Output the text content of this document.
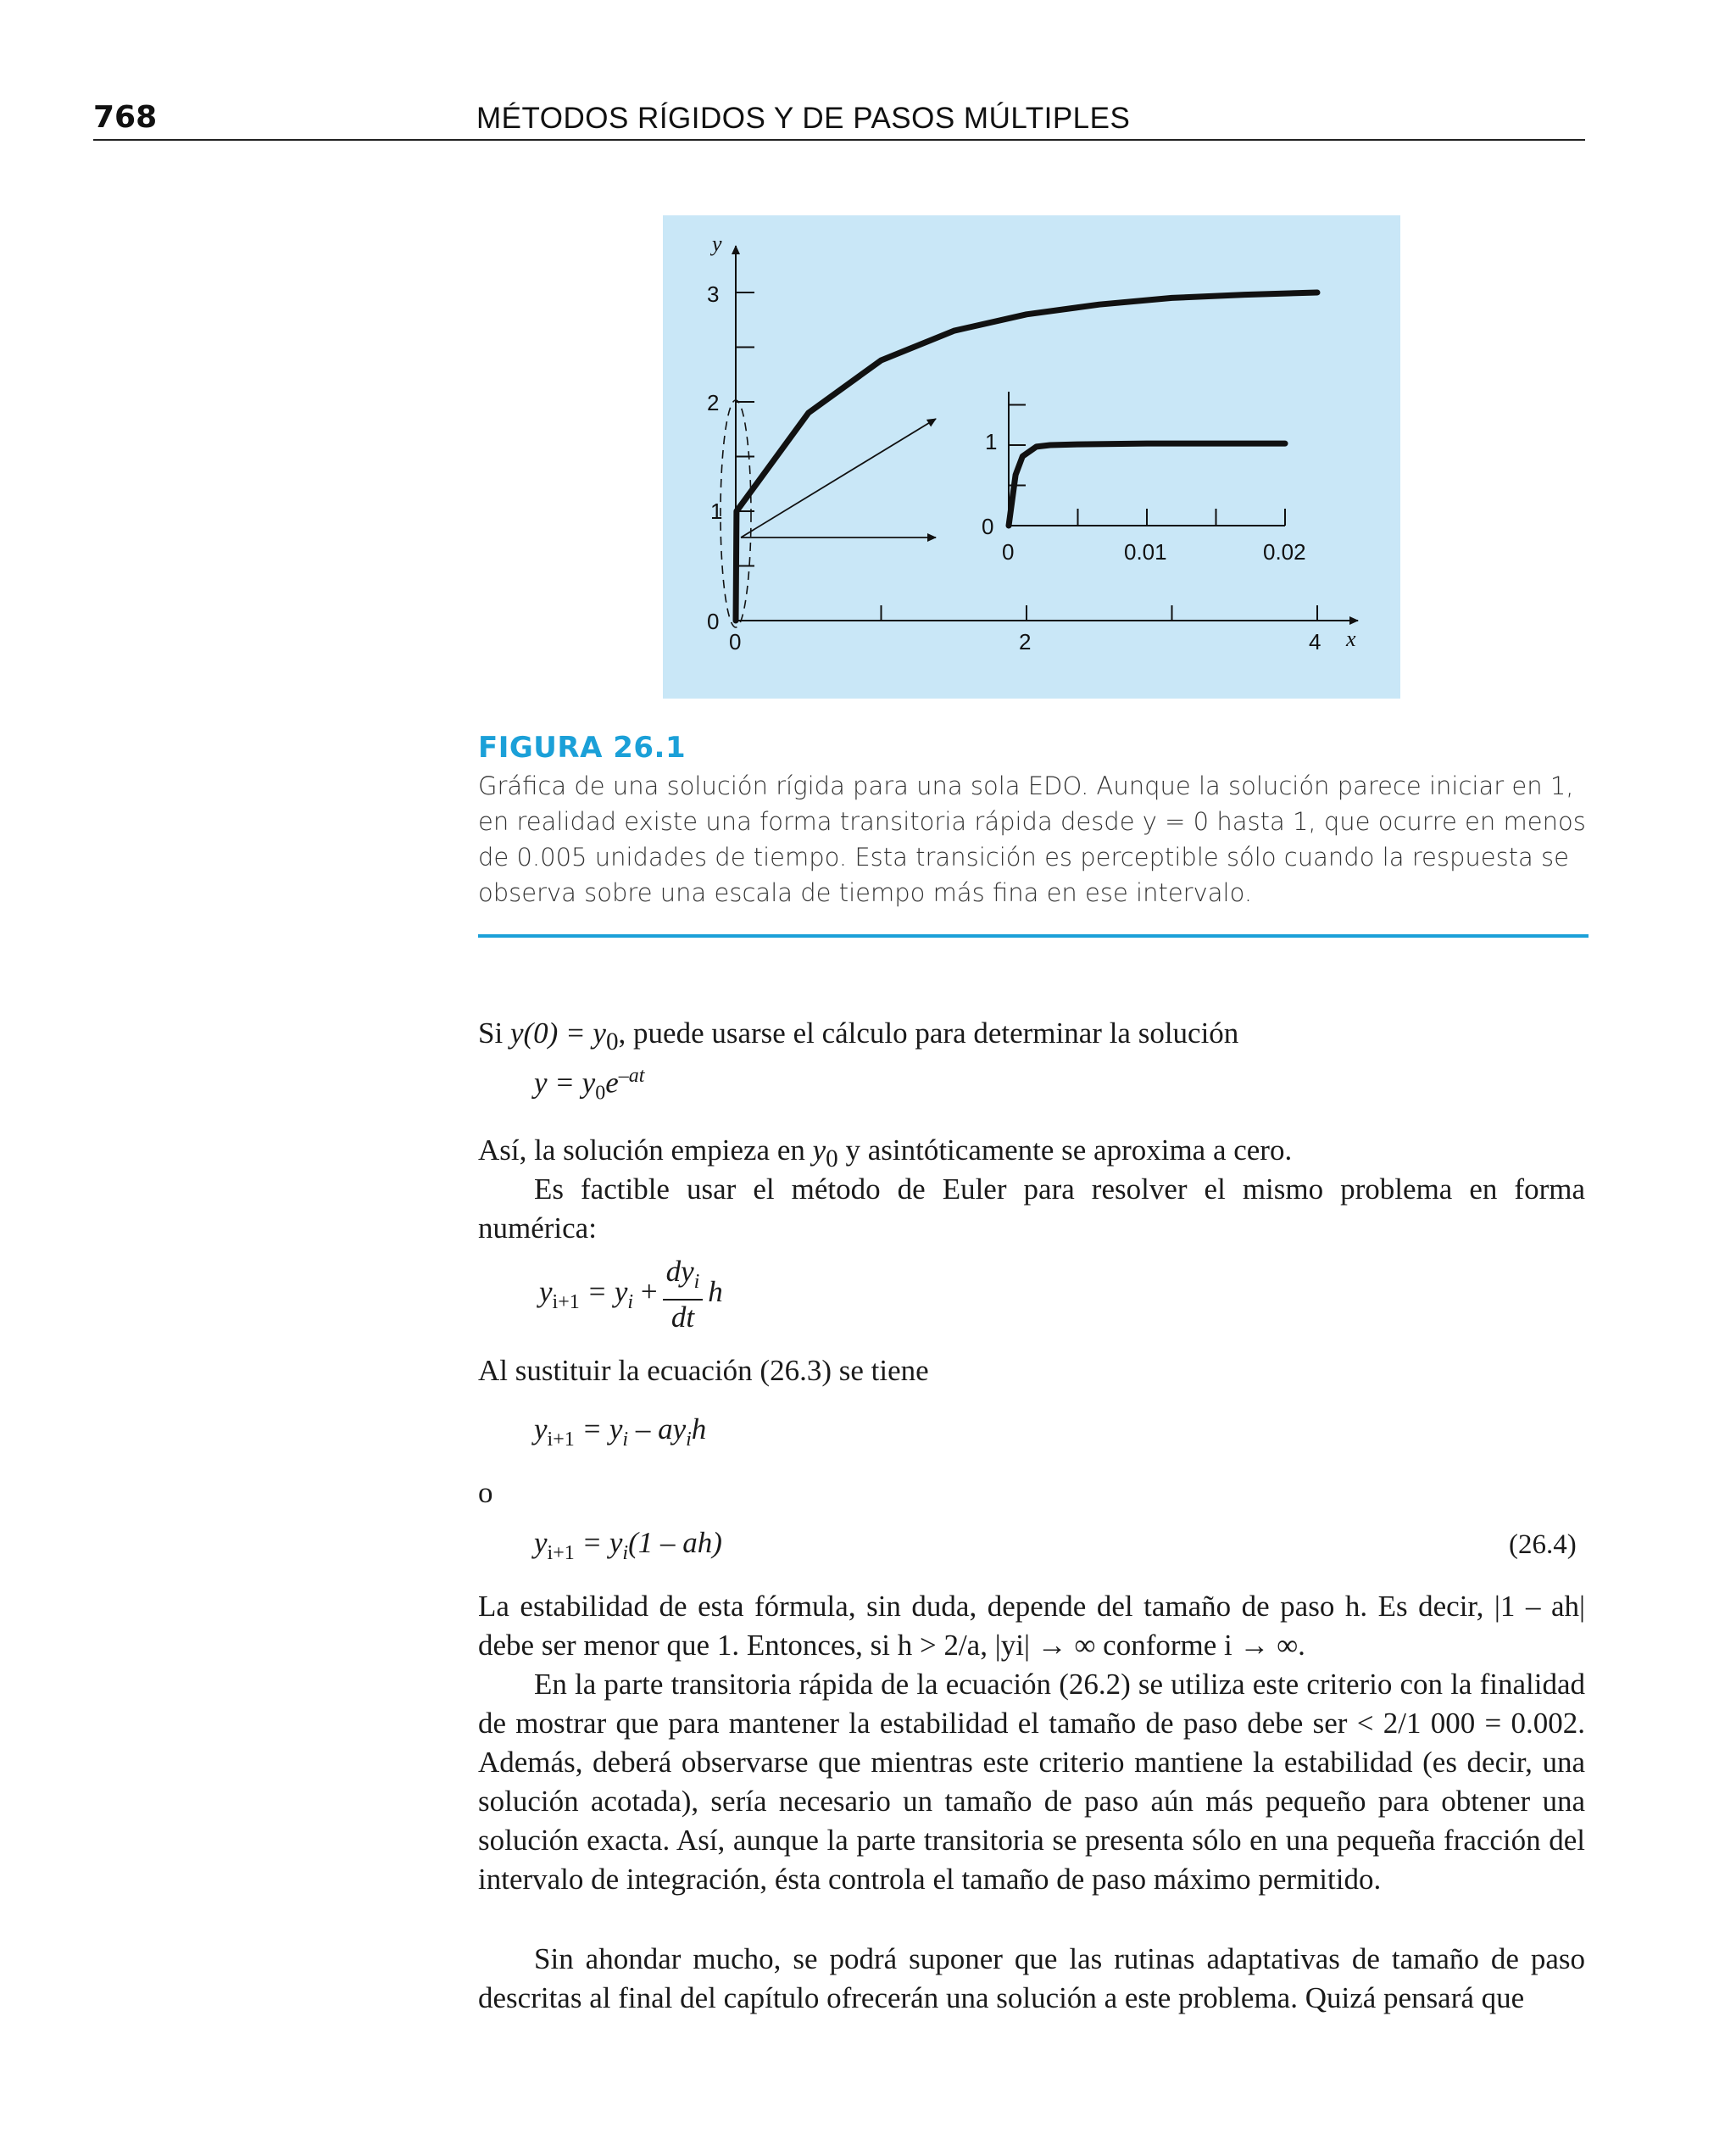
768	MÉTODOS RÍGIDOS Y DE PASOS MÚLTIPLES
y
x
0	2	4
0
1
2
3
0
1
0	0.01	0.02
FIGURA 26.1
Gráfica de una solución rígida para una sola EDO. Aunque la solución parece iniciar en 1, en realidad existe una forma transitoria rápida desde y = 0 hasta 1, que ocurre en menos de 0.005 unidades de tiempo. Esta transición es perceptible sólo cuando la respuesta se observa sobre una escala de tiempo más fina en ese intervalo.
Si $y(0) = y_0$, puede usarse el cálculo para determinar la solución
$y = y_0e^{-at}$
Así, la solución empieza en $y_0$ y asintóticamente se aproxima a cero.
Es factible usar el método de Euler para resolver el mismo problema en forma numérica:
$y_{i+1} = y_i + \frac{dy_i}{dt}$ h
Al sustituir la ecuación (26.3) se tiene
$y_{i+1} = y_i - ay_ih$
o
$y_{i+1} = y_i(1 - ah)$	(26.4)
La estabilidad de esta fórmula, sin duda, depende del tamaño de paso h. Es decir, |1 – ah| debe ser menor que 1. Entonces, si h > 2/a, |yi| → ∞ conforme i → ∞.
En la parte transitoria rápida de la ecuación (26.2) se utiliza este criterio con la finalidad de mostrar que para mantener la estabilidad el tamaño de paso debe ser < 2/1 000 = 0.002. Además, deberá observarse que mientras este criterio mantiene la estabilidad (es decir, una solución acotada), sería necesario un tamaño de paso aún más pequeño para obtener una solución exacta. Así, aunque la parte transitoria se presenta sólo en una pequeña fracción del intervalo de integración, ésta controla el tamaño de paso máximo permitido.
Sin ahondar mucho, se podrá suponer que las rutinas adaptativas de tamaño de paso descritas al final del capítulo ofrecerán una solución a este problema. Quizá pensará que
